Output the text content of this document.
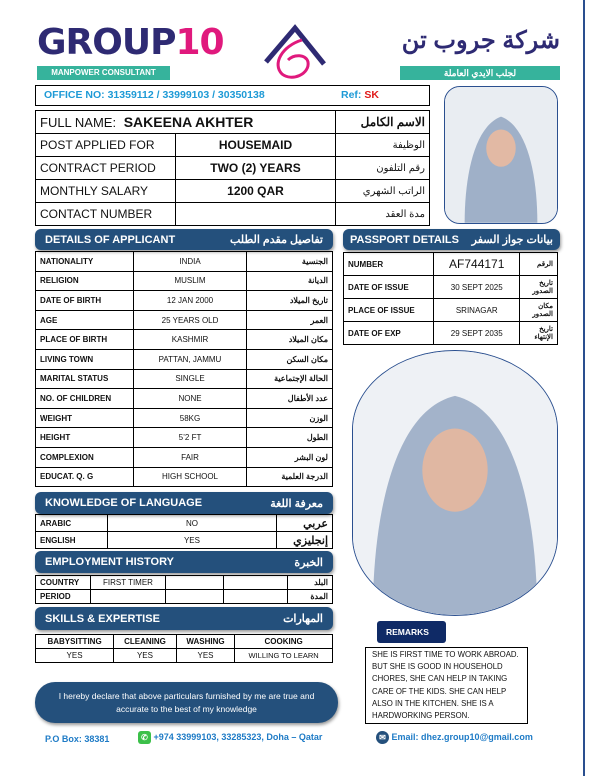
GROUP10
MANPOWER CONSULTANT
شركة جروب تن
لجلب الايدي العاملة
OFFICE NO: 31359112 / 33999103 / 30350138	Ref: SK
FULL NAME: SAKEENA AKHTER		الاسم الكامل
POST APPLIED FOR	HOUSEMAID	الوظيفة
CONTRACT PERIOD	TWO (2) YEARS	رقم التلفون
MONTHLY SALARY	1200 QAR	الراتب الشهري
CONTACT NUMBER		مدة العقد
DETAILS OF APPLICANT	تفاصيل مقدم الطلب
NATIONALITY	INDIA	الجنسية
RELIGION	MUSLIM	الديانة
DATE OF BIRTH	12 JAN 2000	تاريخ الميلاد
AGE	25 YEARS OLD	العمر
PLACE OF BIRTH	KASHMIR	مكان الميلاد
LIVING TOWN	PATTAN, JAMMU	مكان السكن
MARITAL STATUS	SINGLE	الحالة الإجتماعية
NO. OF CHILDREN	NONE	عدد الأطفال
WEIGHT	58KG	الوزن
HEIGHT	5’2 FT	الطول
COMPLEXION	FAIR	لون البشر
EDUCAT. Q. G	HIGH SCHOOL	الدرجة العلمية
PASSPORT DETAILS بيانات جواز السفر
NUMBER	AF744171	الرقم
DATE OF ISSUE	30 SEPT 2025	تاريخ الصدور
PLACE OF ISSUE	SRINAGAR	مكان الصدور
DATE OF EXP	29 SEPT 2035	تاريخ الإنتهاء
KNOWLEDGE OF LANGUAGE	معرفة اللغة
ARABIC	NO	عربي
ENGLISH	YES	إنجليزي
EMPLOYMENT HISTORY	الخبرة
COUNTRY	FIRST TIMER			البلد
PERIOD				المدة
SKILLS & EXPERTISE	المهارات
BABYSITTING	CLEANING	WASHING	COOKING
YES	YES	YES	WILLING TO LEARN
REMARKS
SHE IS FIRST TIME TO WORK ABROAD. BUT SHE IS GOOD IN HOUSEHOLD CHORES, SHE CAN HELP IN TAKING CARE OF THE KIDS. SHE CAN HELP ALSO IN THE KITCHEN. SHE IS A HARDWORKING PERSON.
I hereby declare that above particulars furnished by me are true and accurate to the best of my knowledge
P.O Box: 38381	✆ +974 33999103, 33285323, Doha – Qatar	✉ Email: dhez.group10@gmail.com
